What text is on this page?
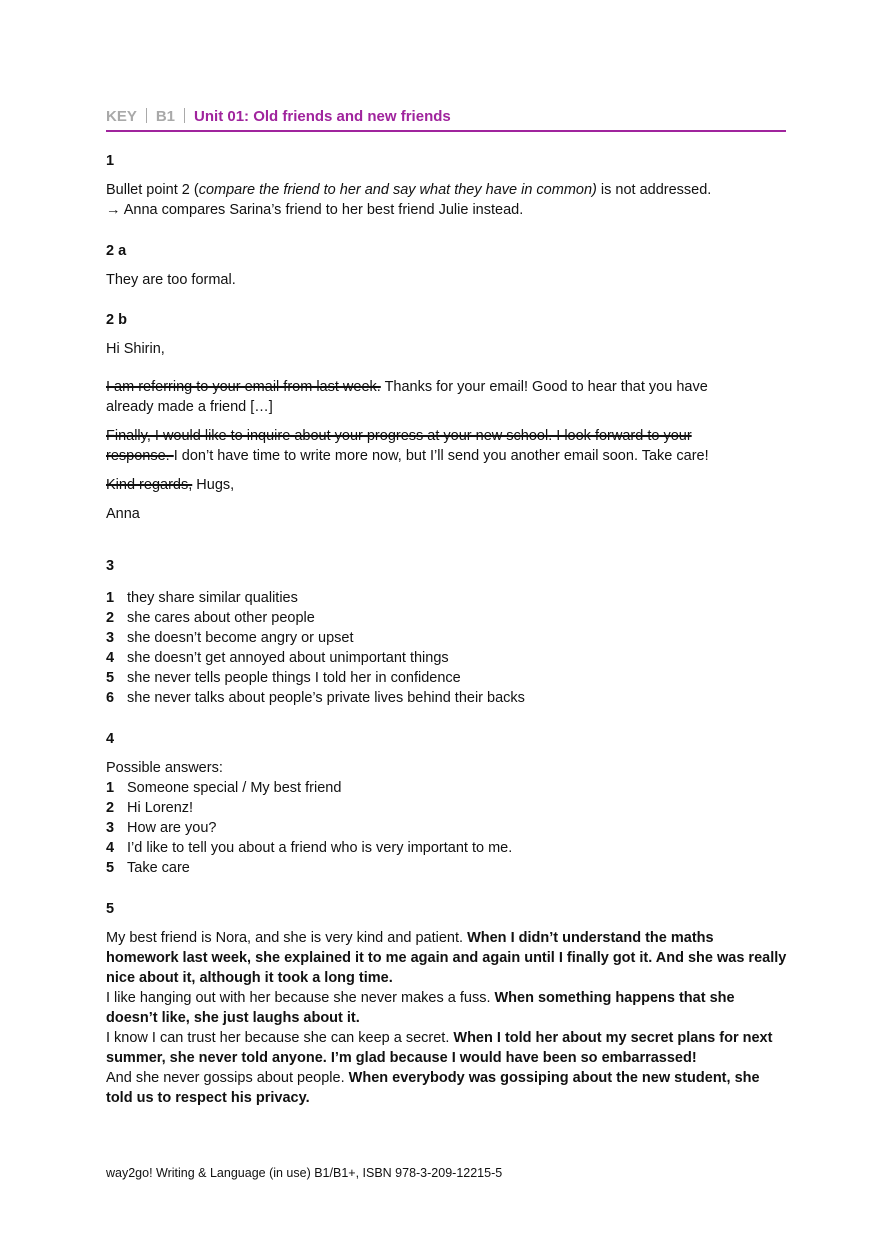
KEY B1 Unit 01: Old friends and new friends
1
Bullet point 2 (compare the friend to her and say what they have in common) is not addressed.
→ Anna compares Sarina’s friend to her best friend Julie instead.
2 a
They are too formal.
2 b
Hi Shirin,
I am referring to your email from last week. Thanks for your email! Good to hear that you have
already made a friend […]
Finally, I would like to inquire about your progress at your new school. I look forward to your
response. I don’t have time to write more now, but I’ll send you another email soon. Take care!
Kind regards, Hugs,
Anna
3
1 they share similar qualities
2 she cares about other people
3 she doesn’t become angry or upset
4 she doesn’t get annoyed about unimportant things
5 she never tells people things I told her in confidence
6 she never talks about people’s private lives behind their backs
4
Possible answers:
1 Someone special / My best friend
2 Hi Lorenz!
3 How are you?
4 I’d like to tell you about a friend who is very important to me.
5 Take care
5
My best friend is Nora, and she is very kind and patient. When I didn’t understand the maths
homework last week, she explained it to me again and again until I finally got it. And she was really
nice about it, although it took a long time.
I like hanging out with her because she never makes a fuss. When something happens that she
doesn’t like, she just laughs about it.
I know I can trust her because she can keep a secret. When I told her about my secret plans for next
summer, she never told anyone. I’m glad because I would have been so embarrassed!
And she never gossips about people. When everybody was gossiping about the new student, she
told us to respect his privacy.
way2go! Writing & Language (in use) B1/B1+, ISBN 978-3-209-12215-5
